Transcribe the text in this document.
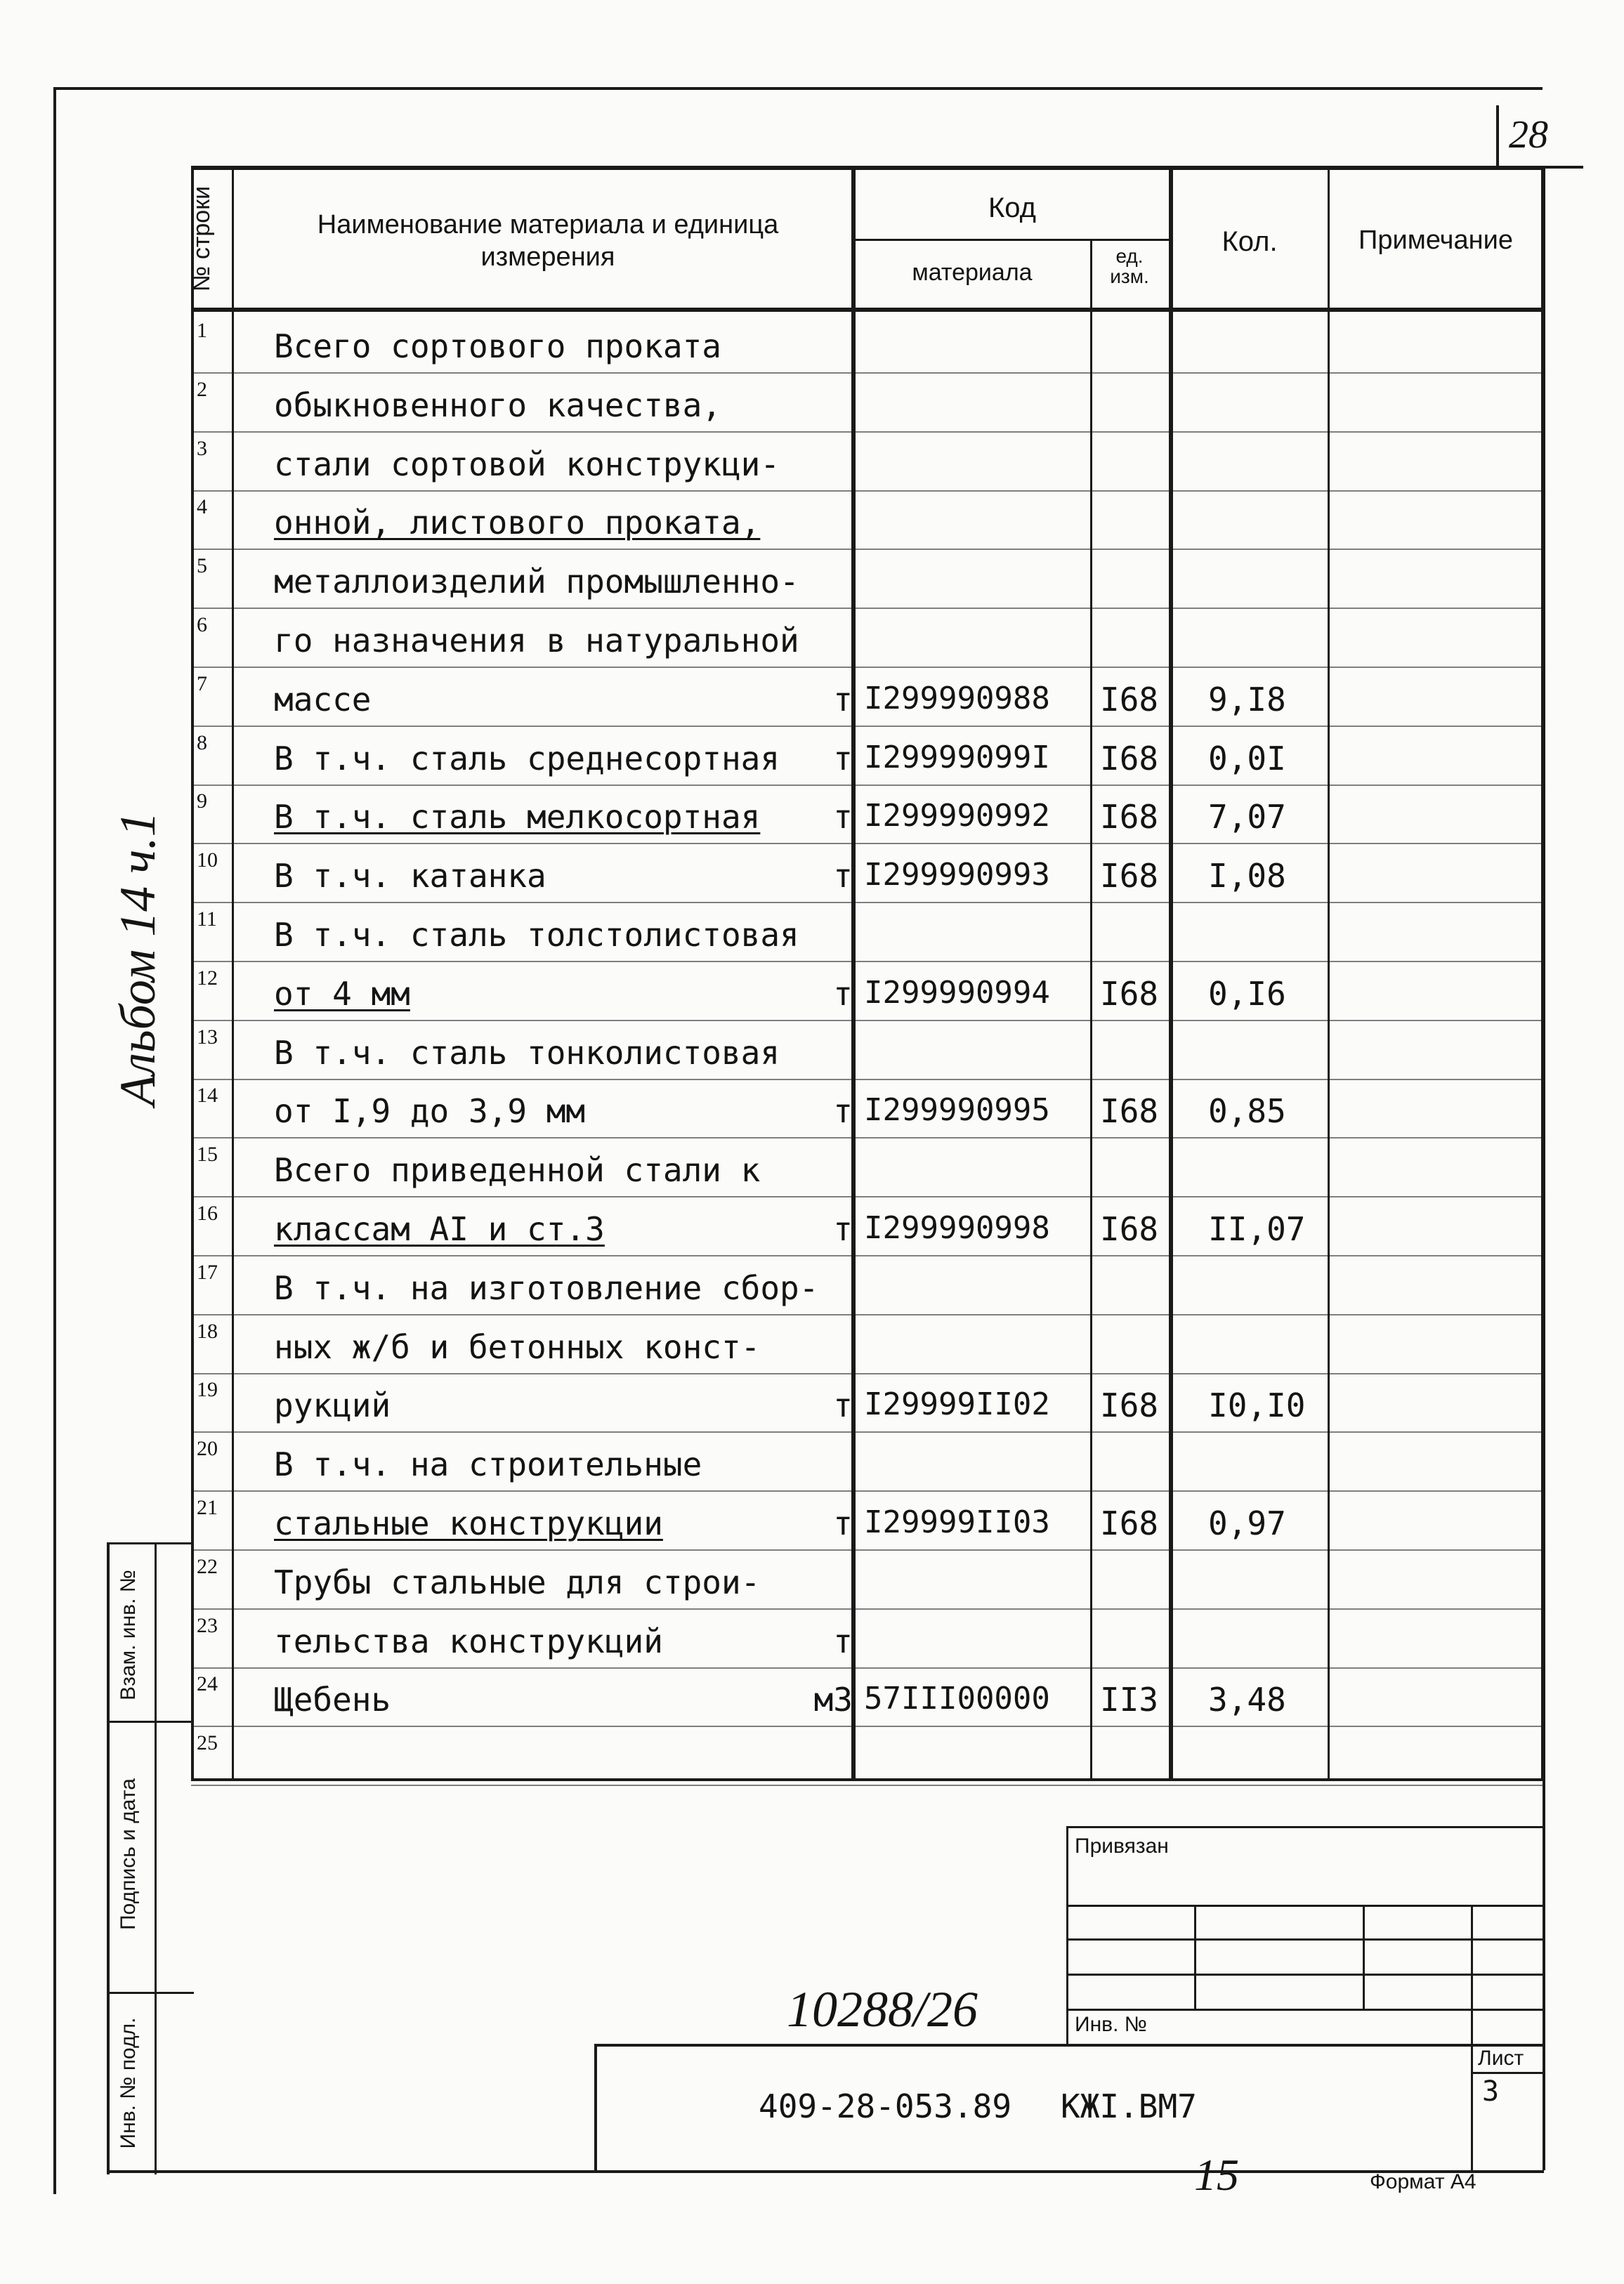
28
№ строки	Наименование материала и единица измерения
Код
материала
ед. изм.
Кол.	Примечание
1 Всего сортового проката
2 обыкновенного качества,
3 стали сортовой конструкци-
4 онной, листового проката,
5 металлоизделий промышленно-
6 го назначения в натуральной
7 массе	т I299990988 I68 9,I8
8 В т.ч. сталь среднесортная т I29999099I I68 0,0I
9 В т.ч. сталь мелкосортная т I299990992 I68 7,07
10 В т.ч. катанка	т I299990993 I68 I,08
11 В т.ч. сталь толстолистовая
12 от 4 мм	т I299990994 I68 0,I6
13 В т.ч. сталь тонколистовая
14 от I,9 до 3,9 мм	т I299990995 I68 0,85
15 Всего приведенной стали к
16 классам AI и ст.3	т I299990998 I68 II,07
17 В т.ч. на изготовление сбор-
18 ных ж/б и бетонных конст-
19 рукций	т I29999II02 I68 I0,I0
20 В т.ч. на строительные
21 стальные конструкции	т I29999II03 I68 0,97
22 Трубы стальные для строи-
23 тельства конструкций	т
24 Щебень	м3 57III00000 II3 3,48
25
Альбом 14 ч.1
Взам. инв. №
Подпись и дата
Инв. № подл.
Привязан
Инв. №
10288/26
409-28-053.89 КЖI.ВМ7
Лист
3
15	Формат А4
